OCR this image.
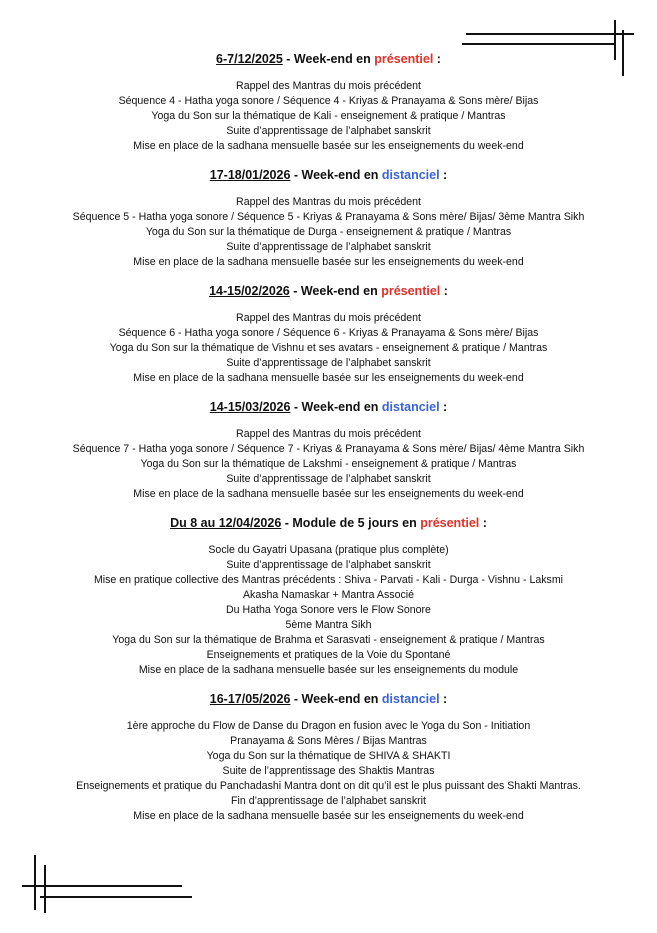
6-7/12/2025 - Week-end en présentiel :
Rappel des Mantras du mois précédent
Séquence 4 - Hatha yoga sonore / Séquence 4 - Kriyas & Pranayama & Sons mère/ Bijas
Yoga du Son sur la thématique de Kali - enseignement & pratique / Mantras
Suite d’apprentissage de l’alphabet sanskrit
Mise en place de la sadhana mensuelle basée sur les enseignements du week-end
17-18/01/2026 - Week-end en distanciel :
Rappel des Mantras du mois précédent
Séquence 5 - Hatha yoga sonore / Séquence 5 - Kriyas & Pranayama & Sons mère/ Bijas/ 3ème Mantra Sikh
Yoga du Son sur la thématique de Durga - enseignement & pratique / Mantras
Suite d’apprentissage de l’alphabet sanskrit
Mise en place de la sadhana mensuelle basée sur les enseignements du week-end
14-15/02/2026 - Week-end en présentiel :
Rappel des Mantras du mois précédent
Séquence 6 - Hatha yoga sonore / Séquence 6 - Kriyas & Pranayama & Sons mère/ Bijas
Yoga du Son sur la thématique de Vishnu et ses avatars - enseignement & pratique / Mantras
Suite d’apprentissage de l’alphabet sanskrit
Mise en place de la sadhana mensuelle basée sur les enseignements du week-end
14-15/03/2026 - Week-end en distanciel :
Rappel des Mantras du mois précédent
Séquence 7 - Hatha yoga sonore / Séquence 7 - Kriyas & Pranayama & Sons mère/ Bijas/ 4ème Mantra Sikh
Yoga du Son sur la thématique de Lakshmi - enseignement & pratique / Mantras
Suite d’apprentissage de l’alphabet sanskrit
Mise en place de la sadhana mensuelle basée sur les enseignements du week-end
Du 8 au 12/04/2026 - Module de 5 jours en présentiel :
Socle du Gayatri Upasana (pratique plus complète)
Suite d’apprentissage de l’alphabet sanskrit
Mise en pratique collective des Mantras précédents : Shiva - Parvati - Kali - Durga - Vishnu - Laksmi
Akasha Namaskar + Mantra Associé
Du Hatha Yoga Sonore vers le Flow Sonore
5ème Mantra Sikh
Yoga du Son sur la thématique de Brahma et Sarasvati - enseignement & pratique / Mantras
Enseignements et pratiques de la Voie du Spontané
Mise en place de la sadhana mensuelle basée sur les enseignements du module
16-17/05/2026 - Week-end en distanciel :
1ère approche du Flow de Danse du Dragon en fusion avec le Yoga du Son - Initiation
Pranayama & Sons Mères / Bijas Mantras
Yoga du Son sur la thématique de SHIVA & SHAKTI
Suite de l’apprentissage des Shaktis Mantras
Enseignements et pratique du Panchadashi Mantra dont on dit qu’il est le plus puissant des Shakti Mantras.
Fin d’apprentissage de l’alphabet sanskrit
Mise en place de la sadhana mensuelle basée sur les enseignements du week-end
